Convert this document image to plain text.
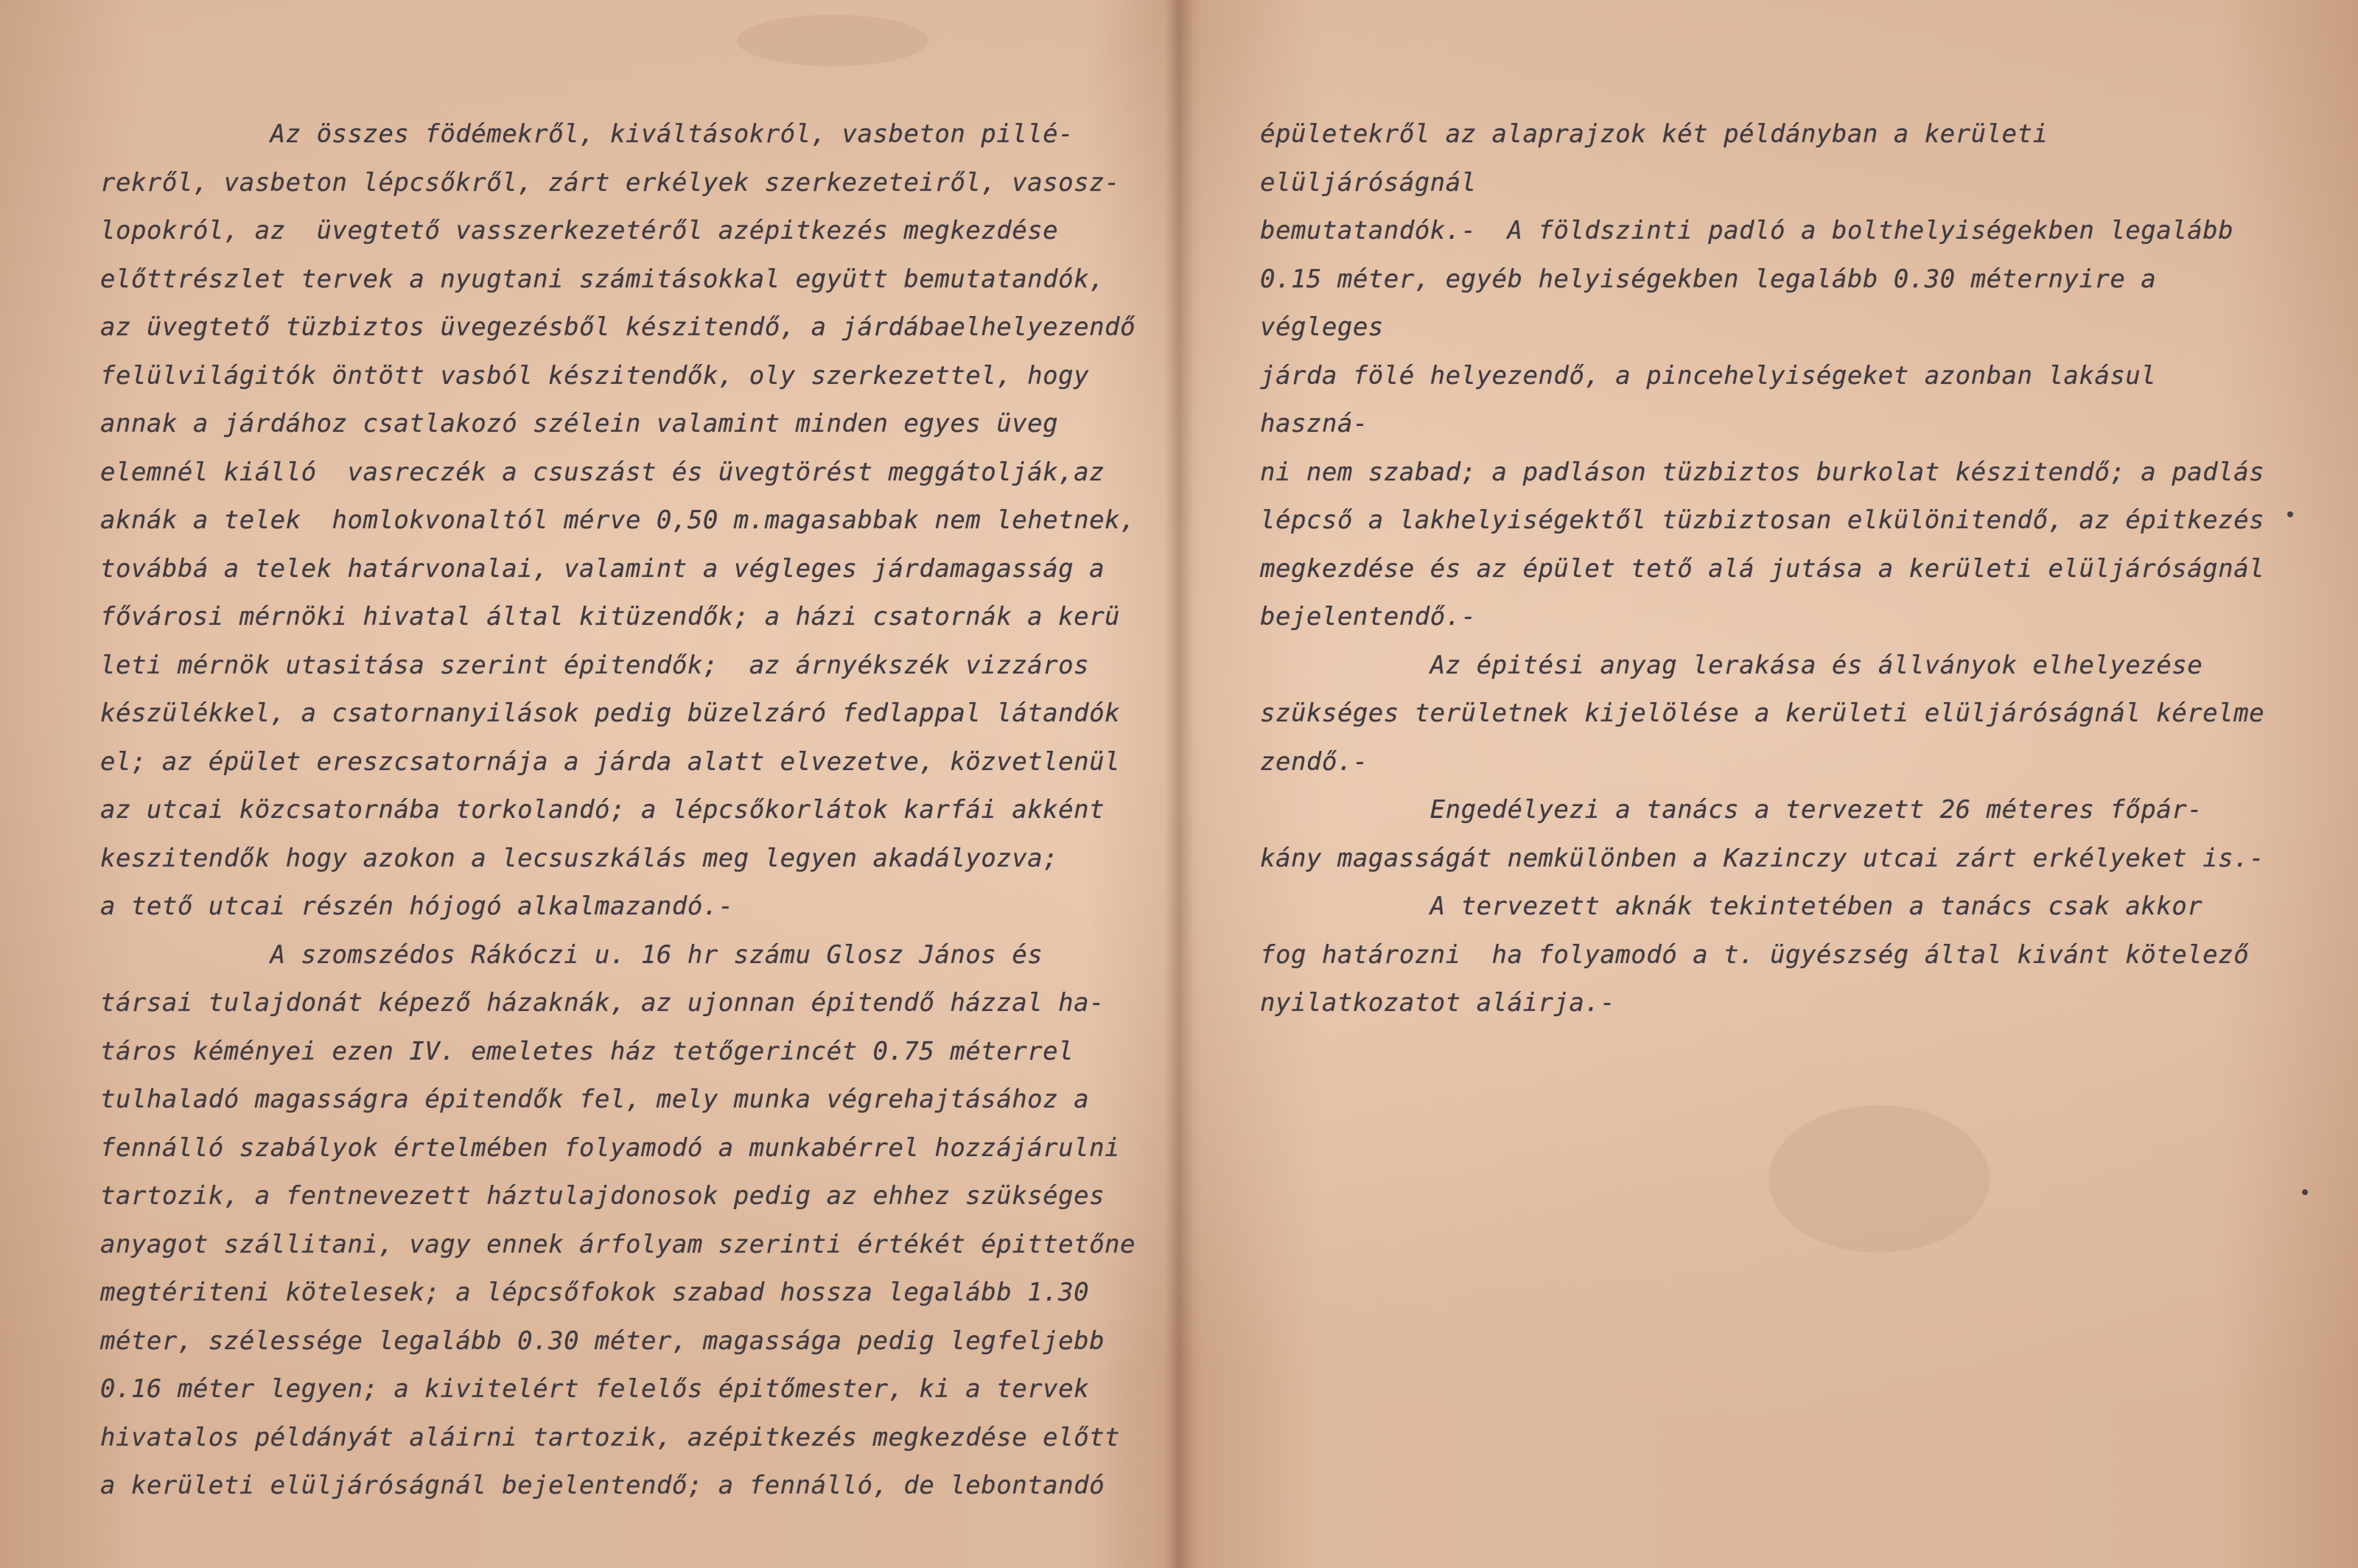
Az összes födémekről, kiváltásokról, vasbeton pillé-
rekről, vasbeton lépcsőkről, zárt erkélyek szerkezeteiről, vasosz-
lopokról, az  üvegtető vasszerkezetéről azépitkezés megkezdése
előttrészlet tervek a nyugtani számitásokkal együtt bemutatandók,
az üvegtető tüzbiztos üvegezésből készitendő, a járdábaelhelyezendő
felülvilágitók öntött vasból készitendők, oly szerkezettel, hogy
annak a járdához csatlakozó szélein valamint minden egyes üveg
elemnél kiálló  vasreczék a csuszást és üvegtörést meggátolják,az
aknák a telek  homlokvonaltól mérve 0,50 m.magasabbak nem lehetnek,
továbbá a telek határvonalai, valamint a végleges járdamagasság a
fővárosi mérnöki hivatal által kitüzendők; a házi csatornák a kerü
leti mérnök utasitása szerint épitendők;  az árnyékszék vizzáros
készülékkel, a csatornanyilások pedig büzelzáró fedlappal látandók
el; az épület ereszcsatornája a járda alatt elvezetve, közvetlenül
az utcai közcsatornába torkolandó; a lépcsőkorlátok karfái akként
keszitendők hogy azokon a lecsuszkálás meg legyen akadályozva;
a tető utcai részén hójogó alkalmazandó.-

A szomszédos Rákóczi u. 16 hr számu Glosz János és
társai tulajdonát képező házaknák, az ujonnan épitendő házzal ha-
táros kéményei ezen IV. emeletes ház tetőgerincét 0.75 méterrel
tulhaladó magasságra épitendők fel, mely munka végrehajtásához a
fennálló szabályok értelmében folyamodó a munkabérrel hozzájárulni
tartozik, a fentnevezett háztulajdonosok pedig az ehhez szükséges
anyagot szállitani, vagy ennek árfolyam szerinti értékét épittetőne
megtériteni kötelesek; a lépcsőfokok szabad hossza legalább 1.30
méter, szélessége legalább 0.30 méter, magassága pedig legfeljebb
0.16 méter legyen; a kivitelért felelős épitőmester, ki a tervek
hivatalos példányát aláirni tartozik, azépitkezés megkezdése előtt
a kerületi elüljáróságnál bejelentendő; a fennálló, de lebontandó

épületekről az alaprajzok két példányban a kerületi elüljáróságnál
bemutatandók.-  A földszinti padló a bolthelyiségekben legalább
0.15 méter, egyéb helyiségekben legalább 0.30 méternyire a végleges
járda fölé helyezendő, a pincehelyiségeket azonban lakásul haszná-
ni nem szabad; a padláson tüzbiztos burkolat készitendő; a padlás
lépcső a lakhelyiségektől tüzbiztosan elkülönitendő, az épitkezés
megkezdése és az épület tető alá jutása a kerületi elüljáróságnál
bejelentendő.-

Az épitési anyag lerakása és állványok elhelyezése
szükséges területnek kijelölése a kerületi elüljáróságnál kérelme
zendő.-

Engedélyezi a tanács a tervezett 26 méteres főpár-
kány magasságát nemkülönben a Kazinczy utcai zárt erkélyeket is.-

A tervezett aknák tekintetében a tanács csak akkor
fog határozni  ha folyamodó a t. ügyészség által kivánt kötelező
nyilatkozatot aláirja.-
